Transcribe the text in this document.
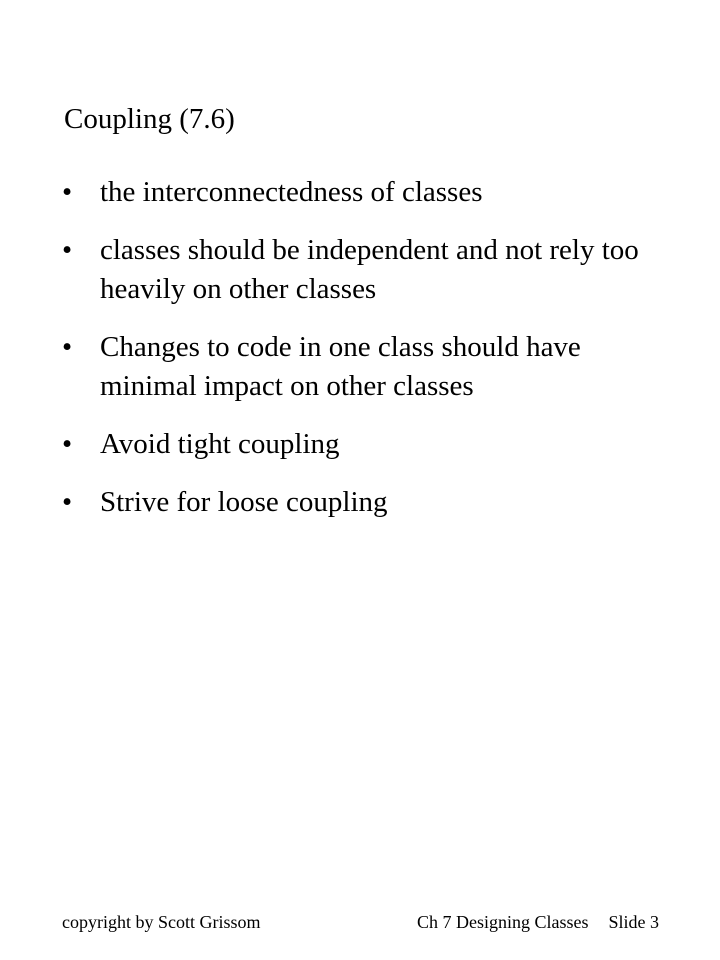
Coupling (7.6)
• the interconnectedness of classes
• classes should be independent and not rely too heavily on other classes
• Changes to code in one class should have minimal impact on other classes
• Avoid tight coupling
• Strive for loose coupling
copyright by Scott Grissom	Ch 7 Designing Classes Slide 3
